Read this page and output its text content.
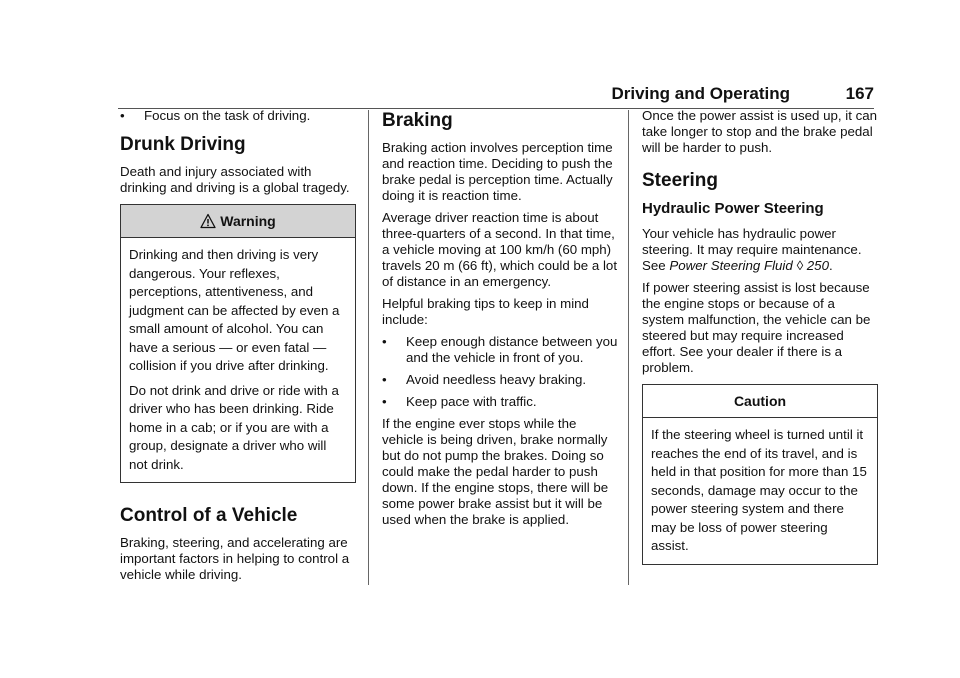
Driving and Operating	167
•	Focus on the task of driving.
Drunk Driving

Death and injury associated with drinking and driving is a global tragedy.

Warning

Drinking and then driving is very dangerous. Your reflexes, perceptions, attentiveness, and judgment can be affected by even a small amount of alcohol. You can have a serious — or even fatal — collision if you drive after drinking.

Do not drink and drive or ride with a driver who has been drinking. Ride home in a cab; or if you are with a group, designate a driver who will not drink.

Control of a Vehicle

Braking, steering, and accelerating are important factors in helping to control a vehicle while driving.

Braking

Braking action involves perception time and reaction time. Deciding to push the brake pedal is perception time. Actually doing it is reaction time.

Average driver reaction time is about three-quarters of a second. In that time, a vehicle moving at 100 km/h (60 mph) travels 20 m (66 ft), which could be a lot of distance in an emergency.

Helpful braking tips to keep in mind include:

•	Keep enough distance between you and the vehicle in front of you.
•	Avoid needless heavy braking.
•	Keep pace with traffic.

If the engine ever stops while the vehicle is being driven, brake normally but do not pump the brakes. Doing so could make the pedal harder to push down. If the engine stops, there will be some power brake assist but it will be used when the brake is applied.

Once the power assist is used up, it can take longer to stop and the brake pedal will be harder to push.

Steering
Hydraulic Power Steering

Your vehicle has hydraulic power steering. It may require maintenance. See Power Steering Fluid ◊ 250.

If power steering assist is lost because the engine stops or because of a system malfunction, the vehicle can be steered but may require increased effort. See your dealer if there is a problem.

Caution

If the steering wheel is turned until it reaches the end of its travel, and is held in that position for more than 15 seconds, damage may occur to the power steering system and there may be loss of power steering assist.
